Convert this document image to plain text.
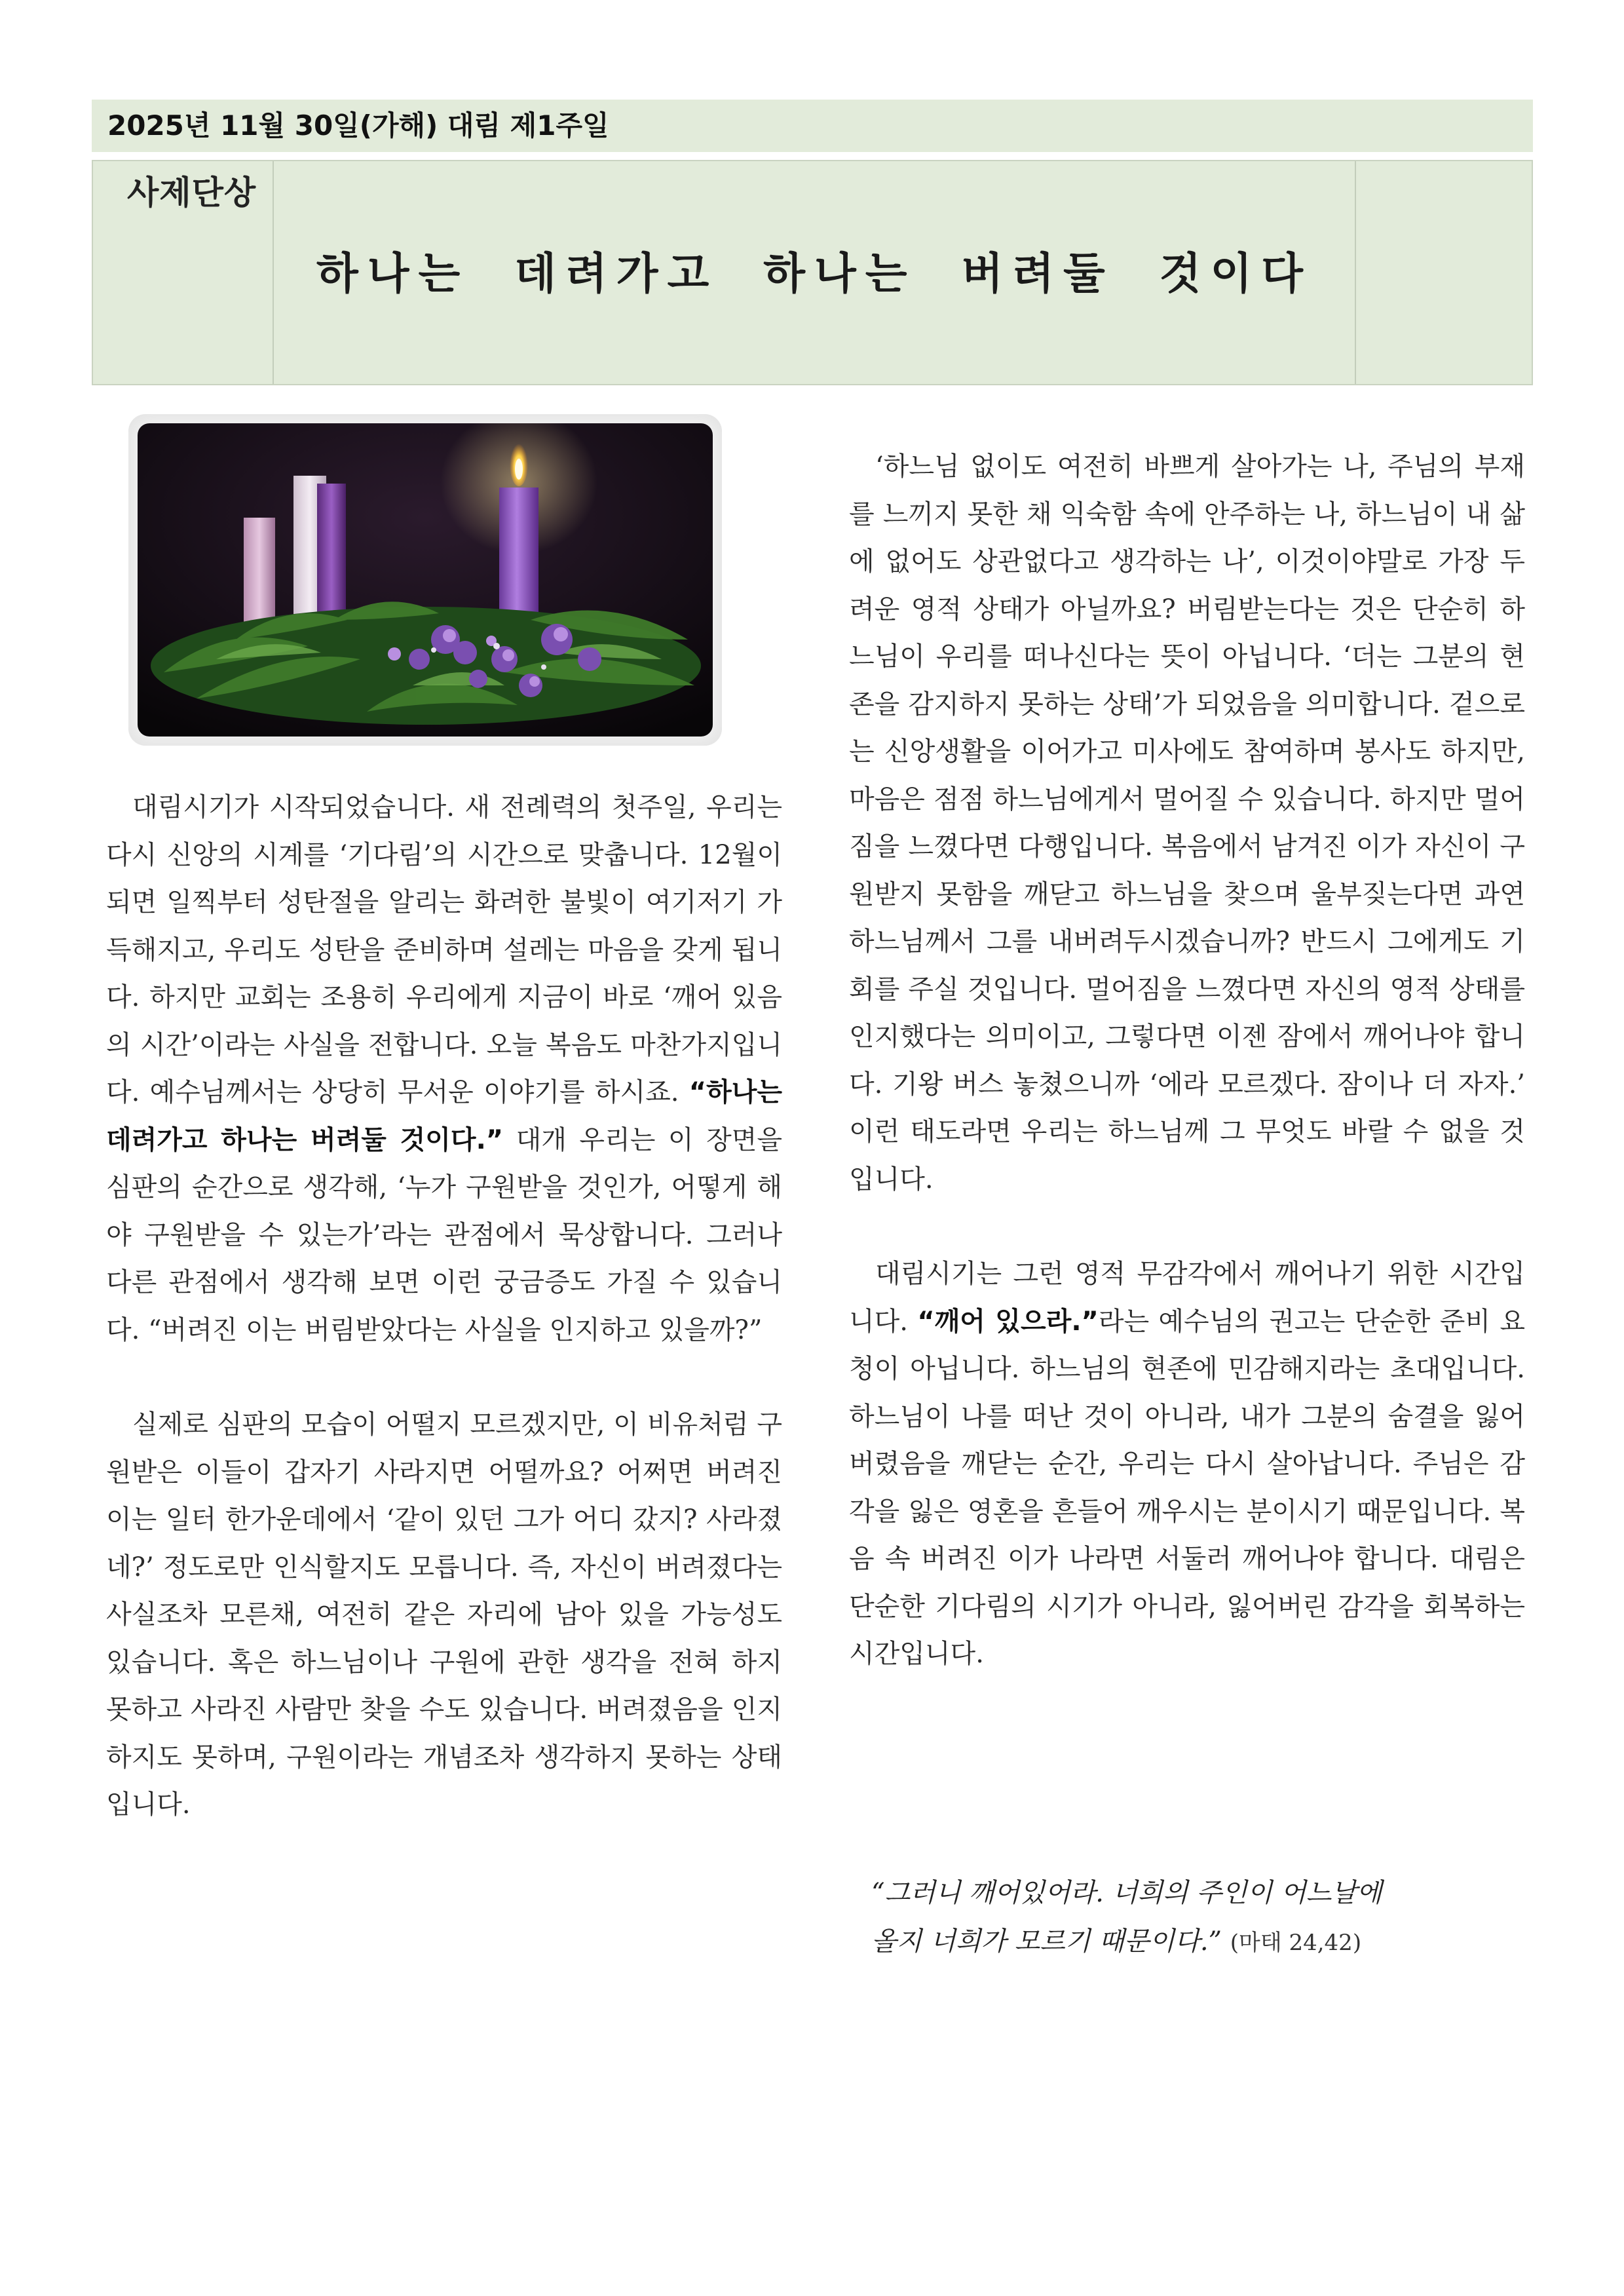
2025년 11월 30일(가해) 대림 제1주일
사제단상
하나는 데려가고 하나는 버려둘 것이다

대림시기가 시작되었습니다. 새 전례력의 첫주일, 우리는 다시 신앙의 시계를 ‘기다림’의 시간으로 맞춥니다. 12월이 되면 일찍부터 성탄절을 알리는 화려한 불빛이 여기저기 가득해지고, 우리도 성탄을 준비하며 설레는 마음을 갖게 됩니다. 하지만 교회는 조용히 우리에게 지금이 바로 ‘깨어 있음의 시간’이라는 사실을 전합니다. 오늘 복음도 마찬가지입니다. 예수님께서는 상당히 무서운 이야기를 하시죠. “하나는 데려가고 하나는 버려둘 것이다.” 대개 우리는 이 장면을 심판의 순간으로 생각해, ‘누가 구원받을 것인가, 어떻게 해야 구원받을 수 있는가’라는 관점에서 묵상합니다. 그러나 다른 관점에서 생각해 보면 이런 궁금증도 가질 수 있습니다. “버려진 이는 버림받았다는 사실을 인지하고 있을까?”

실제로 심판의 모습이 어떨지 모르겠지만, 이 비유처럼 구원받은 이들이 갑자기 사라지면 어떨까요? 어쩌면 버려진 이는 일터 한가운데에서 ‘같이 있던 그가 어디 갔지? 사라졌네?’ 정도로만 인식할지도 모릅니다. 즉, 자신이 버려졌다는 사실조차 모른채, 여전히 같은 자리에 남아 있을 가능성도 있습니다. 혹은 하느님이나 구원에 관한 생각을 전혀 하지 못하고 사라진 사람만 찾을 수도 있습니다. 버려졌음을 인지하지도 못하며, 구원이라는 개념조차 생각하지 못하는 상태입니다.

‘하느님 없이도 여전히 바쁘게 살아가는 나, 주님의 부재를 느끼지 못한 채 익숙함 속에 안주하는 나, 하느님이 내 삶에 없어도 상관없다고 생각하는 나’, 이것이야말로 가장 두려운 영적 상태가 아닐까요? 버림받는다는 것은 단순히 하느님이 우리를 떠나신다는 뜻이 아닙니다. ‘더는 그분의 현존을 감지하지 못하는 상태’가 되었음을 의미합니다. 겉으로는 신앙생활을 이어가고 미사에도 참여하며 봉사도 하지만, 마음은 점점 하느님에게서 멀어질 수 있습니다. 하지만 멀어짐을 느꼈다면 다행입니다. 복음에서 남겨진 이가 자신이 구원받지 못함을 깨닫고 하느님을 찾으며 울부짖는다면 과연 하느님께서 그를 내버려두시겠습니까? 반드시 그에게도 기회를 주실 것입니다. 멀어짐을 느꼈다면 자신의 영적 상태를 인지했다는 의미이고, 그렇다면 이젠 잠에서 깨어나야 합니다. 기왕 버스 놓쳤으니까 ‘에라 모르겠다. 잠이나 더 자자.’ 이런 태도라면 우리는 하느님께 그 무엇도 바랄 수 없을 것입니다.

대림시기는 그런 영적 무감각에서 깨어나기 위한 시간입니다. “깨어 있으라.”라는 예수님의 권고는 단순한 준비 요청이 아닙니다. 하느님의 현존에 민감해지라는 초대입니다. 하느님이 나를 떠난 것이 아니라, 내가 그분의 숨결을 잃어버렸음을 깨닫는 순간, 우리는 다시 살아납니다. 주님은 감각을 잃은 영혼을 흔들어 깨우시는 분이시기 때문입니다. 복음 속 버려진 이가 나라면 서둘러 깨어나야 합니다. 대림은 단순한 기다림의 시기가 아니라, 잃어버린 감각을 회복하는 시간입니다.

“그러니 깨어있어라. 너희의 주인이 어느날에
올지 너희가 모르기 때문이다.” (마태 24,42)
